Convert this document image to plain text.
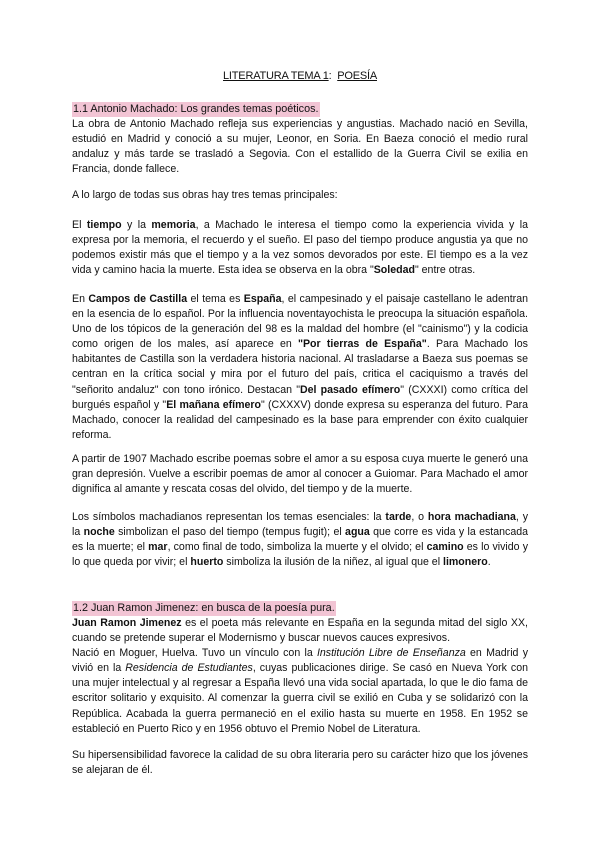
LITERATURA TEMA 1: POESÍA
1.1 Antonio Machado: Los grandes temas poéticos.

La obra de Antonio Machado refleja sus experiencias y angustias. Machado nació en Sevilla, estudió en Madrid y conoció a su mujer, Leonor, en Soria. En Baeza conoció el medio rural andaluz y más tarde se trasladó a Segovia. Con el estallido de la Guerra Civil se exilia en Francia, donde fallece.

A lo largo de todas sus obras hay tres temas principales:

El tiempo y la memoria, a Machado le interesa el tiempo como la experiencia vivida y la expresa por la memoria, el recuerdo y el sueño. El paso del tiempo produce angustia ya que no podemos existir más que el tiempo y a la vez somos devorados por este. El tiempo es a la vez vida y camino hacia la muerte. Esta idea se observa en la obra "Soledad" entre otras.

En Campos de Castilla el tema es España, el campesinado y el paisaje castellano le adentran en la esencia de lo español. Por la influencia noventayochista le preocupa la situación española. Uno de los tópicos de la generación del 98 es la maldad del hombre (el "cainismo") y la codicia como origen de los males, así aparece en "Por tierras de España". Para Machado los habitantes de Castilla son la verdadera historia nacional. Al trasladarse a Baeza sus poemas se centran en la crítica social y mira por el futuro del país, critica el caciquismo a través del "señorito andaluz" con tono irónico. Destacan "Del pasado efímero" (CXXXI) como crítica del burgués español y "El mañana efímero" (CXXXV) donde expresa su esperanza del futuro. Para Machado, conocer la realidad del campesinado es la base para emprender con éxito cualquier reforma.

A partir de 1907 Machado escribe poemas sobre el amor a su esposa cuya muerte le generó una gran depresión. Vuelve a escribir poemas de amor al conocer a Guiomar. Para Machado el amor dignifica al amante y rescata cosas del olvido, del tiempo y de la muerte.

Los símbolos machadianos representan los temas esenciales: la tarde, o hora machadiana, y la noche simbolizan el paso del tiempo (tempus fugit); el agua que corre es vida y la estancada es la muerte; el mar, como final de todo, simboliza la muerte y el olvido; el camino es lo vivido y lo que queda por vivir; el huerto simboliza la ilusión de la niñez, al igual que el limonero.

1.2 Juan Ramon Jimenez: en busca de la poesía pura.

Juan Ramon Jimenez es el poeta más relevante en España en la segunda mitad del siglo XX, cuando se pretende superar el Modernismo y buscar nuevos cauces expresivos.

Nació en Moguer, Huelva. Tuvo un vínculo con la Institución Libre de Enseñanza en Madrid y vivió en la Residencia de Estudiantes, cuyas publicaciones dirige. Se casó en Nueva York con una mujer intelectual y al regresar a España llevó una vida social apartada, lo que le dio fama de escritor solitario y exquisito. Al comenzar la guerra civil se exilió en Cuba y se solidarizó con la República. Acabada la guerra permaneció en el exilio hasta su muerte en 1958. En 1952 se estableció en Puerto Rico y en 1956 obtuvo el Premio Nobel de Literatura.

Su hipersensibilidad favorece la calidad de su obra literaria pero su carácter hizo que los jóvenes se alejaran de él.
